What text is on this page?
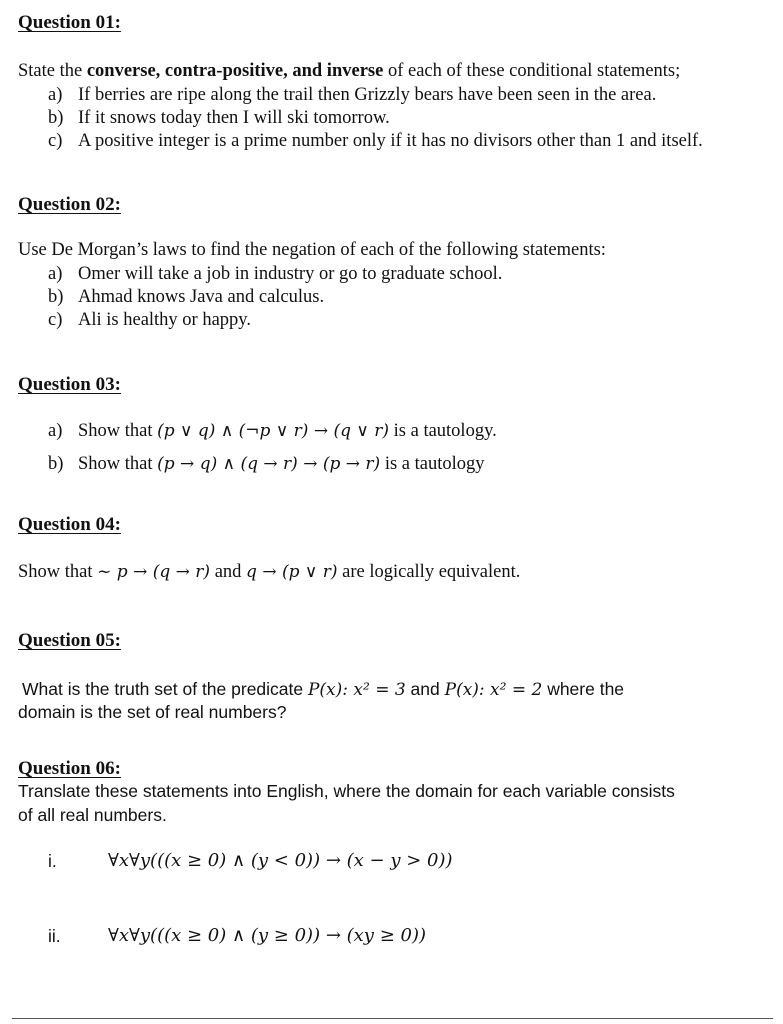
Question 01:
State the converse, contra-positive, and inverse of each of these conditional statements;
a) If berries are ripe along the trail then Grizzly bears have been seen in the area.
b) If it snows today then I will ski tomorrow.
c) A positive integer is a prime number only if it has no divisors other than 1 and itself.
Question 02:
Use De Morgan’s laws to find the negation of each of the following statements:
a) Omer will take a job in industry or go to graduate school.
b) Ahmad knows Java and calculus.
c) Ali is healthy or happy.
Question 03:
a) Show that (p ∨ q) ∧ (¬p ∨ r) → (q ∨ r) is a tautology.
b) Show that (p → q) ∧ (q → r) → (p → r) is a tautology
Question 04:
Show that ~ p → (q → r) and q → (p ∨ r) are logically equivalent.
Question 05:
What is the truth set of the predicate P(x): x² = 3 and P(x): x² = 2 where the
domain is the set of real numbers?
Question 06:
Translate these statements into English, where the domain for each variable consists
of all real numbers.
i.	∀x∀y(((x ≥ 0) ∧ (y < 0)) → (x − y > 0))
ii.	∀x∀y(((x ≥ 0) ∧ (y ≥ 0)) → (xy ≥ 0))
